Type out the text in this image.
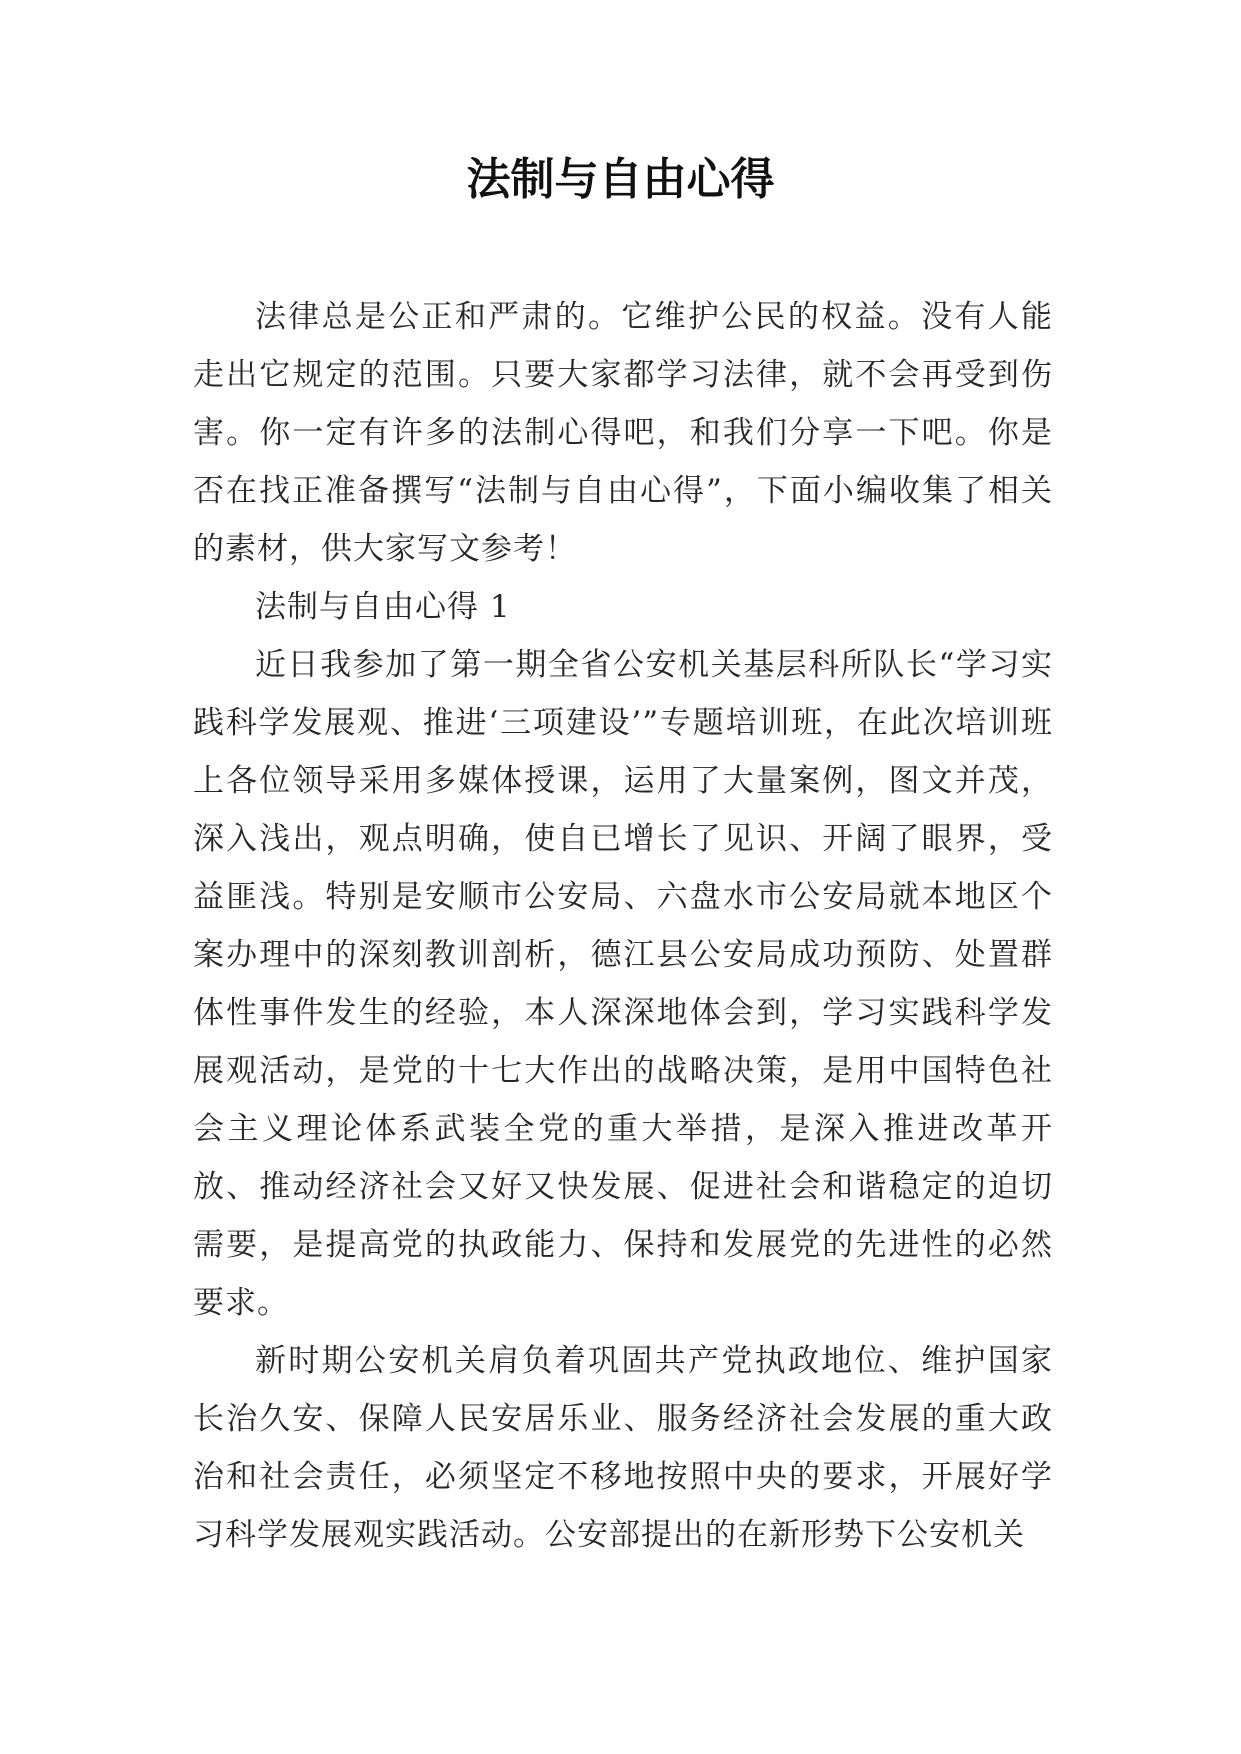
法制与自由心得

法律总是公正和严肃的。它维护公民的权益。没有人能走出它规定的范围。只要大家都学习法律，就不会再受到伤害。你一定有许多的法制心得吧，和我们分享一下吧。你是否在找正准备撰写“法制与自由心得”，下面小编收集了相关的素材，供大家写文参考！

法制与自由心得 1

近日我参加了第一期全省公安机关基层科所队长“学习实践科学发展观、推进‘三项建设’”专题培训班，在此次培训班上各位领导采用多媒体授课，运用了大量案例，图文并茂，深入浅出，观点明确，使自已增长了见识、开阔了眼界，受益匪浅。特别是安顺市公安局、六盘水市公安局就本地区个案办理中的深刻教训剖析，德江县公安局成功预防、处置群体性事件发生的经验，本人深深地体会到，学习实践科学发展观活动，是党的十七大作出的战略决策，是用中国特色社会主义理论体系武装全党的重大举措，是深入推进改革开放、推动经济社会又好又快发展、促进社会和谐稳定的迫切需要，是提高党的执政能力、保持和发展党的先进性的必然要求。

新时期公安机关肩负着巩固共产党执政地位、维护国家长治久安、保障人民安居乐业、服务经济社会发展的重大政治和社会责任，必须坚定不移地按照中央的要求，开展好学习科学发展观实践活动。公安部提出的在新形势下公安机关
